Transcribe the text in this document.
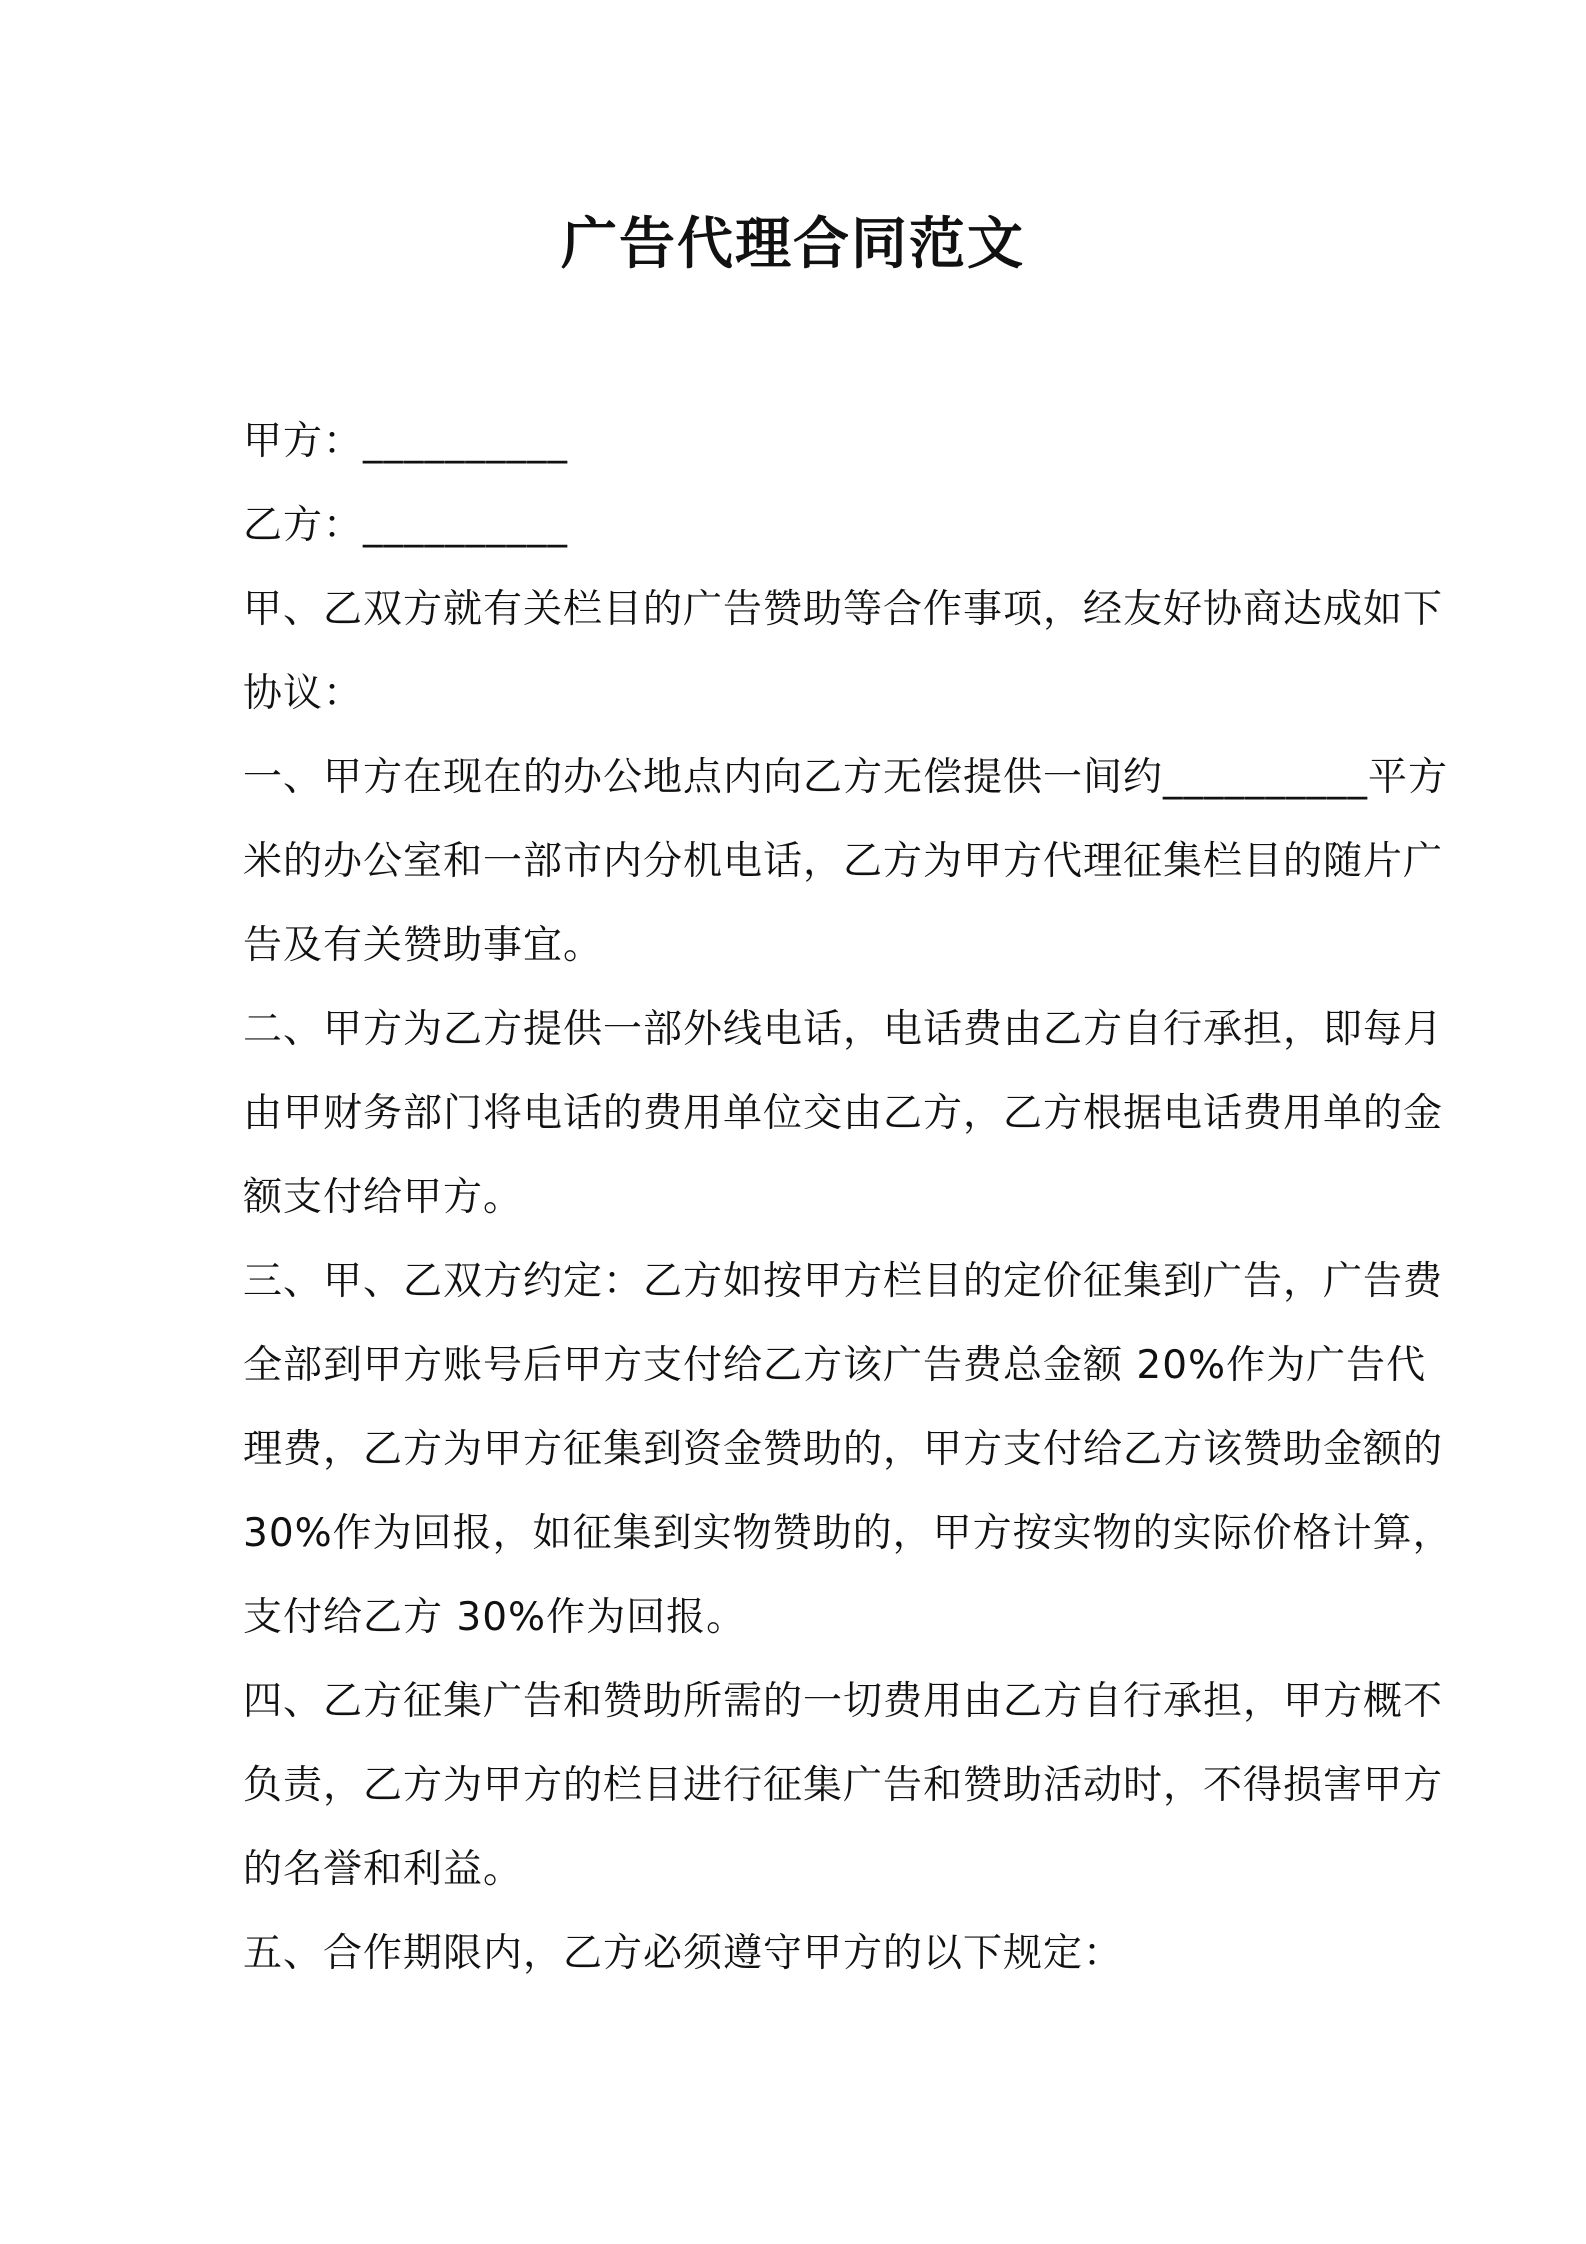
广告代理合同范文
甲方：__________
乙方：__________
甲、乙双方就有关栏目的广告赞助等合作事项，经友好协商达成如下
协议：
一、甲方在现在的办公地点内向乙方无偿提供一间约__________平方
米的办公室和一部市内分机电话，乙方为甲方代理征集栏目的随片广
告及有关赞助事宜。
二、甲方为乙方提供一部外线电话，电话费由乙方自行承担，即每月
由甲财务部门将电话的费用单位交由乙方，乙方根据电话费用单的金
额支付给甲方。
三、甲、乙双方约定：乙方如按甲方栏目的定价征集到广告，广告费
全部到甲方账号后甲方支付给乙方该广告费总金额 20%作为广告代
理费，乙方为甲方征集到资金赞助的，甲方支付给乙方该赞助金额的
30%作为回报，如征集到实物赞助的，甲方按实物的实际价格计算，
支付给乙方 30%作为回报。
四、乙方征集广告和赞助所需的一切费用由乙方自行承担，甲方概不
负责，乙方为甲方的栏目进行征集广告和赞助活动时，不得损害甲方
的名誉和利益。
五、合作期限内，乙方必须遵守甲方的以下规定：
